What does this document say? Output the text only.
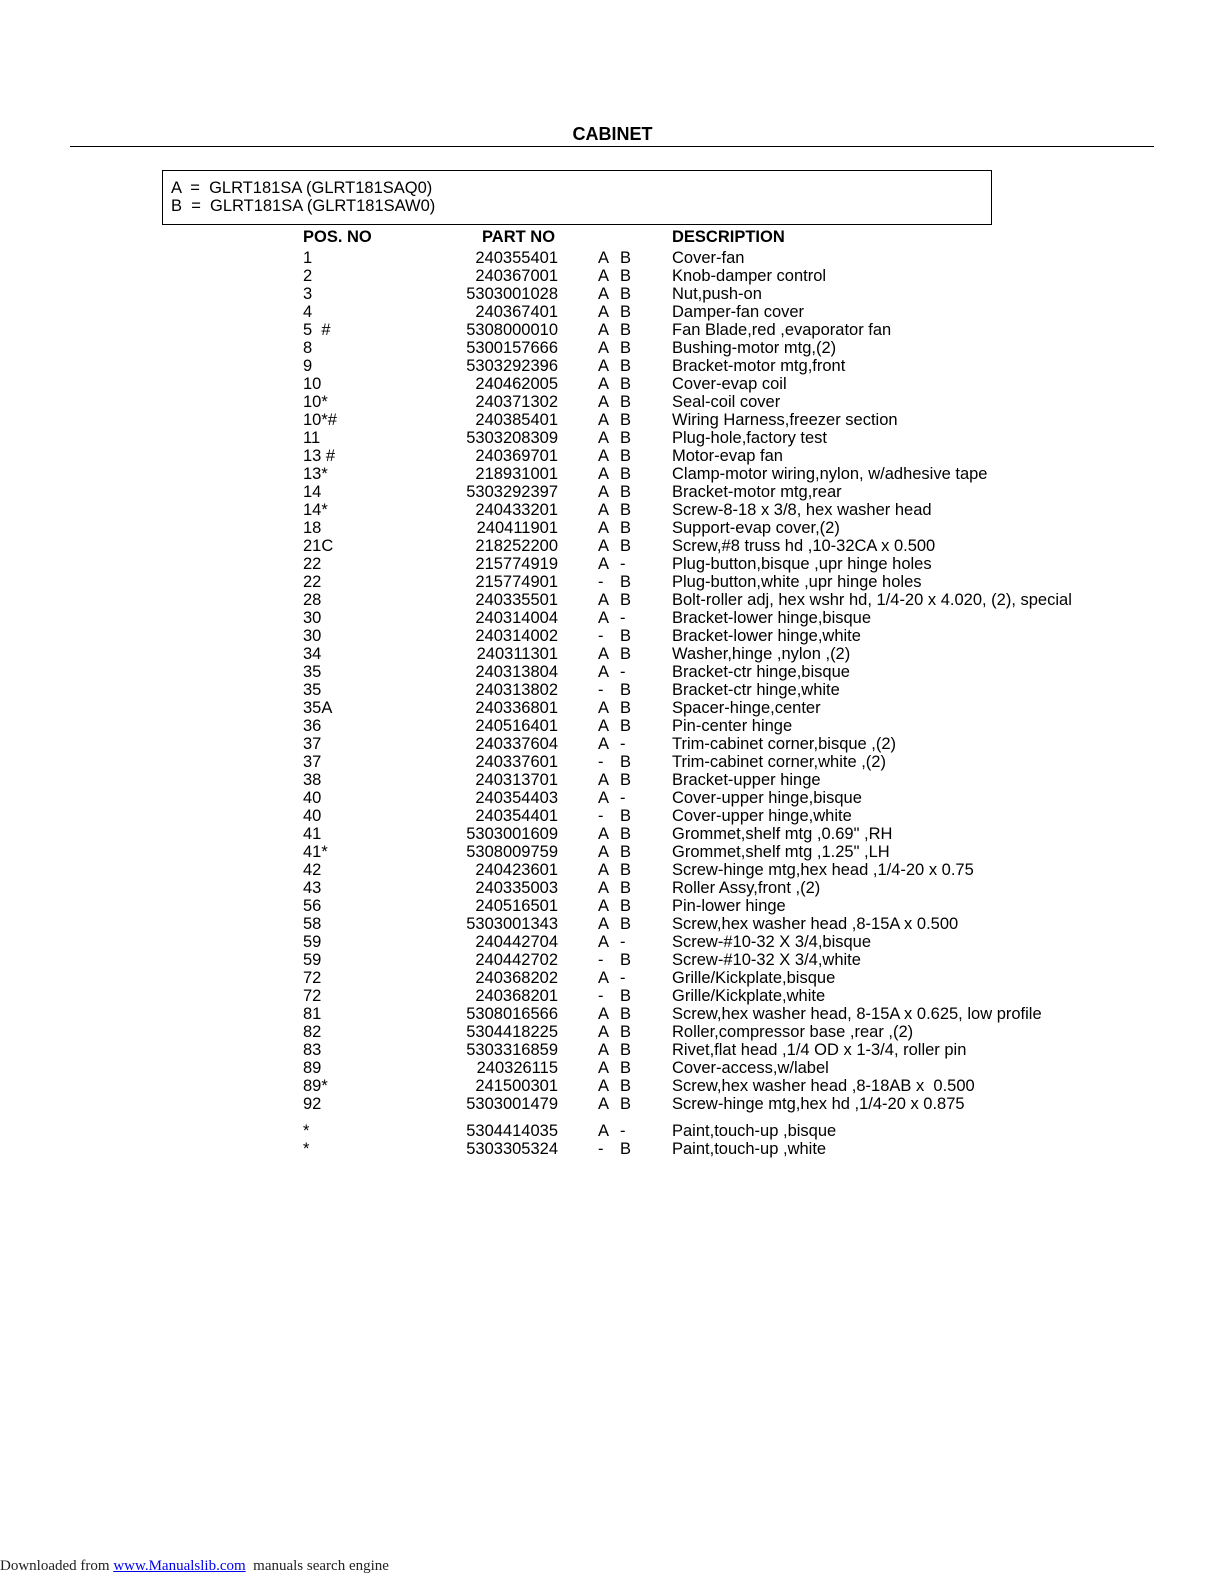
CABINET
A = GLRT181SA (GLRT181SAQ0)
B = GLRT181SA (GLRT181SAW0)
POS. NO	PART NO	DESCRIPTION
1	240355401 A B Cover-fan
2	240367001 A B Knob-damper control
3	5303001028 A B Nut,push-on
4	240367401 A B Damper-fan cover
5  #	5308000010 A B Fan Blade,red ,evaporator fan
8	5300157666 A B Bushing-motor mtg,(2)
9	5303292396 A B Bracket-motor mtg,front
10	240462005 A B Cover-evap coil
10*	240371302 A B Seal-coil cover
10*#	240385401 A B Wiring Harness,freezer section
11	5303208309 A B Plug-hole,factory test
13 #	240369701 A B Motor-evap fan
13*	218931001 A B Clamp-motor wiring,nylon, w/adhesive tape
14	5303292397 A B Bracket-motor mtg,rear
14*	240433201 A B Screw-8-18 x 3/8, hex washer head
18	240411901 A B Support-evap cover,(2)
21C	218252200 A B Screw,#8 truss hd ,10-32CA x 0.500
22	215774919 A -	Plug-button,bisque ,upr hinge holes
22	215774901 - B Plug-button,white ,upr hinge holes
28	240335501 A B Bolt-roller adj, hex wshr hd, 1/4-20 x 4.020, (2), special
30	240314004 A -	Bracket-lower hinge,bisque
30	240314002 - B Bracket-lower hinge,white
34	240311301 A B Washer,hinge ,nylon ,(2)
35	240313804 A -	Bracket-ctr hinge,bisque
35	240313802 - B Bracket-ctr hinge,white
35A	240336801 A B Spacer-hinge,center
36	240516401 A B Pin-center hinge
37	240337604 A -	Trim-cabinet corner,bisque ,(2)
37	240337601 - B Trim-cabinet corner,white ,(2)
38	240313701 A B Bracket-upper hinge
40	240354403 A -	Cover-upper hinge,bisque
40	240354401 - B Cover-upper hinge,white
41	5303001609 A B Grommet,shelf mtg ,0.69" ,RH
41*	5308009759 A B Grommet,shelf mtg ,1.25" ,LH
42	240423601 A B Screw-hinge mtg,hex head ,1/4-20 x 0.75
43	240335003 A B Roller Assy,front ,(2)
56	240516501 A B Pin-lower hinge
58	5303001343 A B Screw,hex washer head ,8-15A x 0.500
59	240442704 A -	Screw-#10-32 X 3/4,bisque
59	240442702 - B Screw-#10-32 X 3/4,white
72	240368202 A -	Grille/Kickplate,bisque
72	240368201 - B Grille/Kickplate,white
81	5308016566 A B Screw,hex washer head, 8-15A x 0.625, low profile
82	5304418225 A B Roller,compressor base ,rear ,(2)
83	5303316859 A B Rivet,flat head ,1/4 OD x 1-3/4, roller pin
89	240326115 A B Cover-access,w/label
89*	241500301 A B Screw,hex washer head ,8-18AB x  0.500
92	5303001479 A B Screw-hinge mtg,hex hd ,1/4-20 x 0.875
*	5304414035 A -	Paint,touch-up ,bisque
*	5303305324 - B Paint,touch-up ,white
Downloaded from www.Manualslib.com  manuals search engine
